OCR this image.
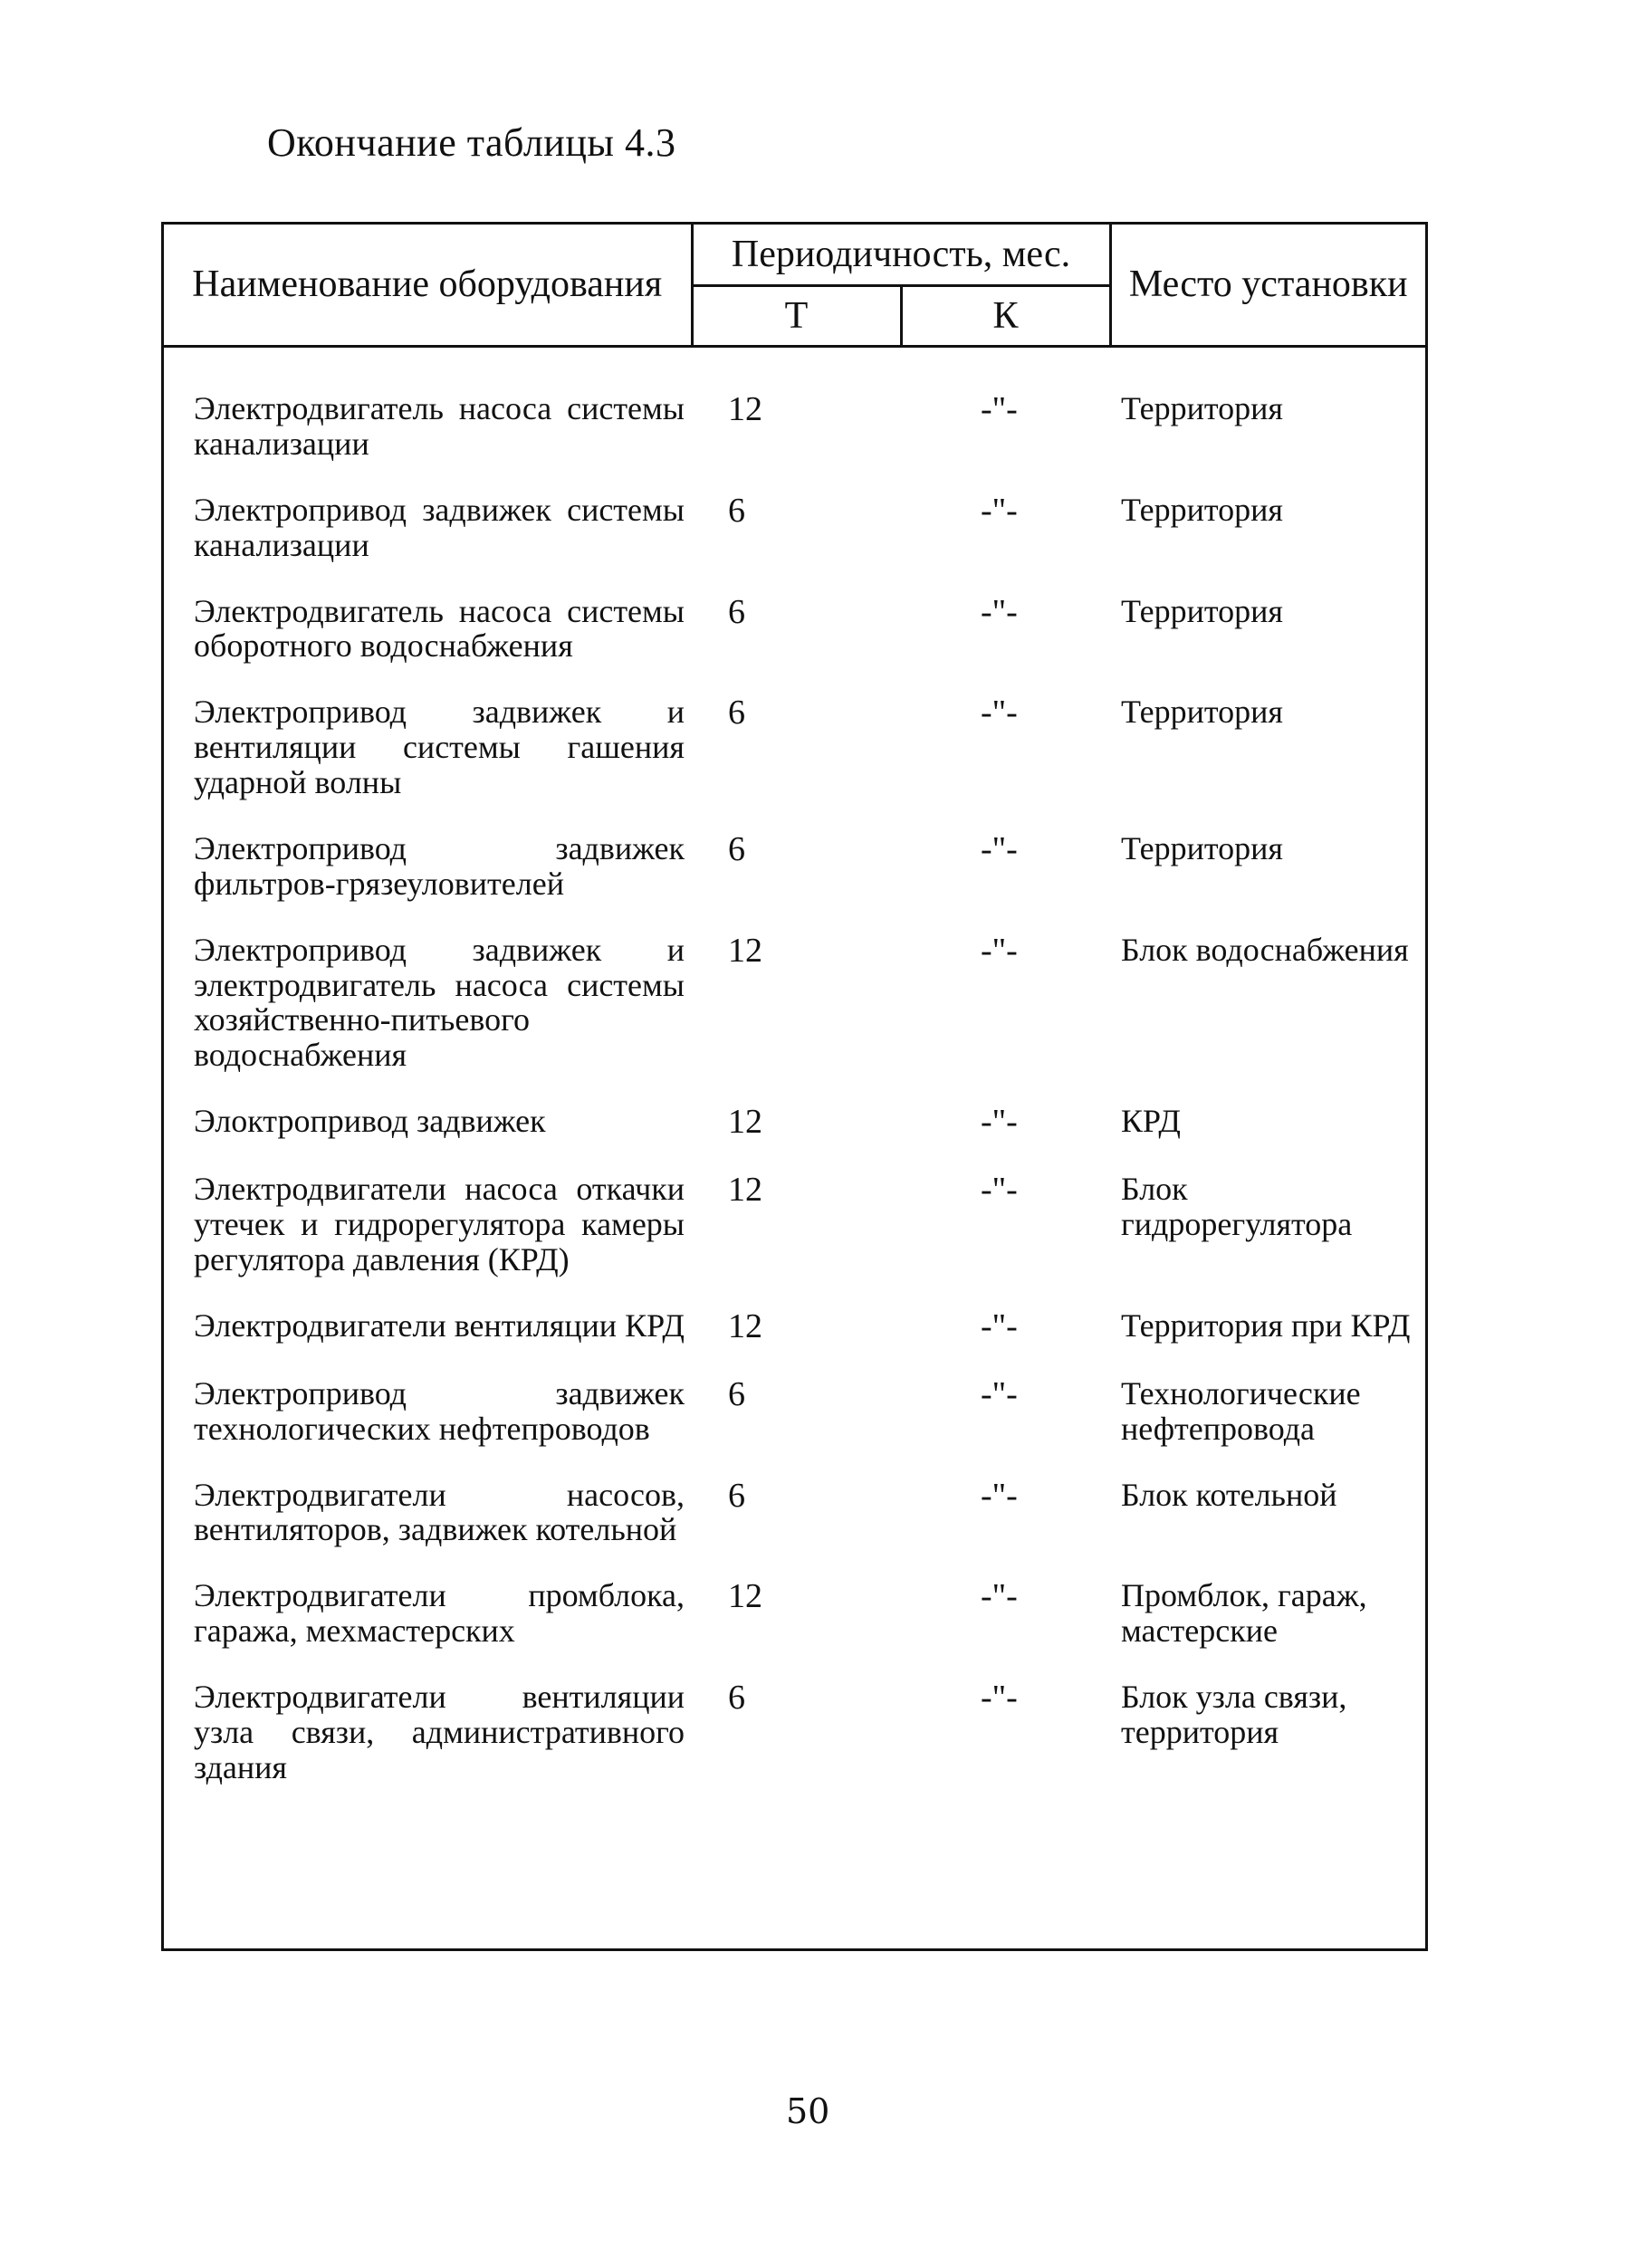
Окончание таблицы 4.3
Наименование оборудования	Периодичность, мес.		Место установки
	Т	К	
Электродвигатель насоса системы канализации	12	-"-	Территория
Электропривод задвижек системы канализации	6	-"-	Территория
Электродвигатель насоса системы оборотного водоснабжения	6	-"-	Территория
Электропривод задвижек и вентиляции системы гашения ударной волны	6	-"-	Территория
Электропривод задвижек фильтров-грязеуловителей	6	-"-	Территория
Электропривод задвижек и электродвигатель насоса системы хозяйственно-питьевого водоснабжения	12	-"-	Блок водоснабжения
Элоктропривод задвижек	12	-"-	КРД
Электродвигатели насоса откачки утечек и гидрорегулятора камеры регулятора давления (КРД)	12	-"-	Блок гидрорегулятора
Электродвигатели вентиляции КРД	12	-"-	Территория при КРД
Электропривод задвижек технологических нефтепроводов	6	-"-	Технологические нефтепровода
Электродвигатели насосов, вентиляторов, задвижек котельной	6	-"-	Блок котельной
Электродвигатели промблока, гаража, мехмастерских	12	-"-	Промблок, гараж, мастерские
Электродвигатели вентиляции узла связи, административного здания	6	-"-	Блок узла связи, территория
50
